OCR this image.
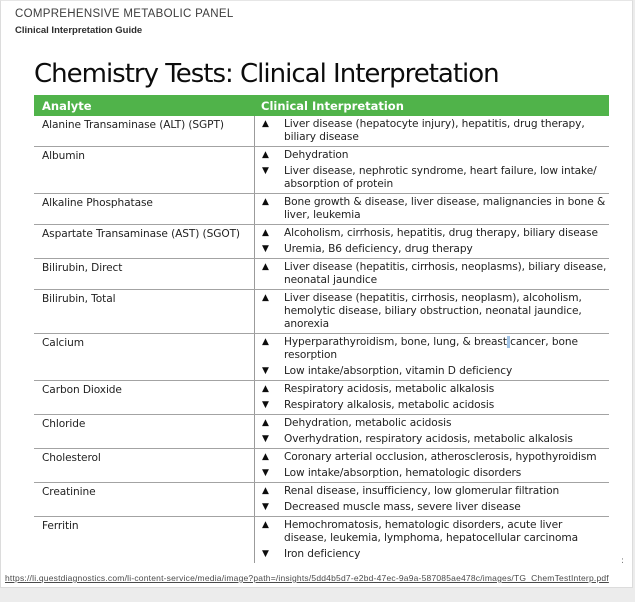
COMPREHENSIVE METABOLIC PANEL
Clinical Interpretation Guide
Chemistry Tests: Clinical Interpretation
Analyte	Clinical Interpretation
Alanine Transaminase (ALT) (SGPT)	▲	Liver disease (hepatocyte injury), hepatitis, drug therapy, biliary disease
Albumin	▲	Dehydration
▼	Liver disease, nephrotic syndrome, heart failure, low intake/ absorption of protein
Alkaline Phosphatase	▲	Bone growth & disease, liver disease, malignancies in bone & liver, leukemia
Aspartate Transaminase (AST) (SGOT)	▲	Alcoholism, cirrhosis, hepatitis, drug therapy, biliary disease
▼	Uremia, B6 deficiency, drug therapy
Bilirubin, Direct	▲	Liver disease (hepatitis, cirrhosis, neoplasms), biliary disease, neonatal jaundice
Bilirubin, Total	▲	Liver disease (hepatitis, cirrhosis, neoplasm), alcoholism, hemolytic disease, biliary obstruction, neonatal jaundice, anorexia
Calcium	▲	Hyperparathyroidism, bone, lung, & breast cancer, bone resorption
▼	Low intake/absorption, vitamin D deficiency
Carbon Dioxide	▲	Respiratory acidosis, metabolic alkalosis
▼	Respiratory alkalosis, metabolic acidosis
Chloride	▲	Dehydration, metabolic acidosis
▼	Overhydration, respiratory acidosis, metabolic alkalosis
Cholesterol	▲	Coronary arterial occlusion, atherosclerosis, hypothyroidism
▼	Low intake/absorption, hematologic disorders
Creatinine	▲	Renal disease, insufficiency, low glomerular filtration
▼	Decreased muscle mass, severe liver disease
Ferritin	▲	Hemochromatosis, hematologic disorders, acute liver disease, leukemia, lymphoma, hepatocellular carcinoma
▼	Iron deficiency
https://li.questdiagnostics.com/li-content-service/media/image?path=/insights/5dd4b5d7-e2bd-47ec-9a9a-587085ae478c/images/TG_ChemTestInterp.pdf
:
